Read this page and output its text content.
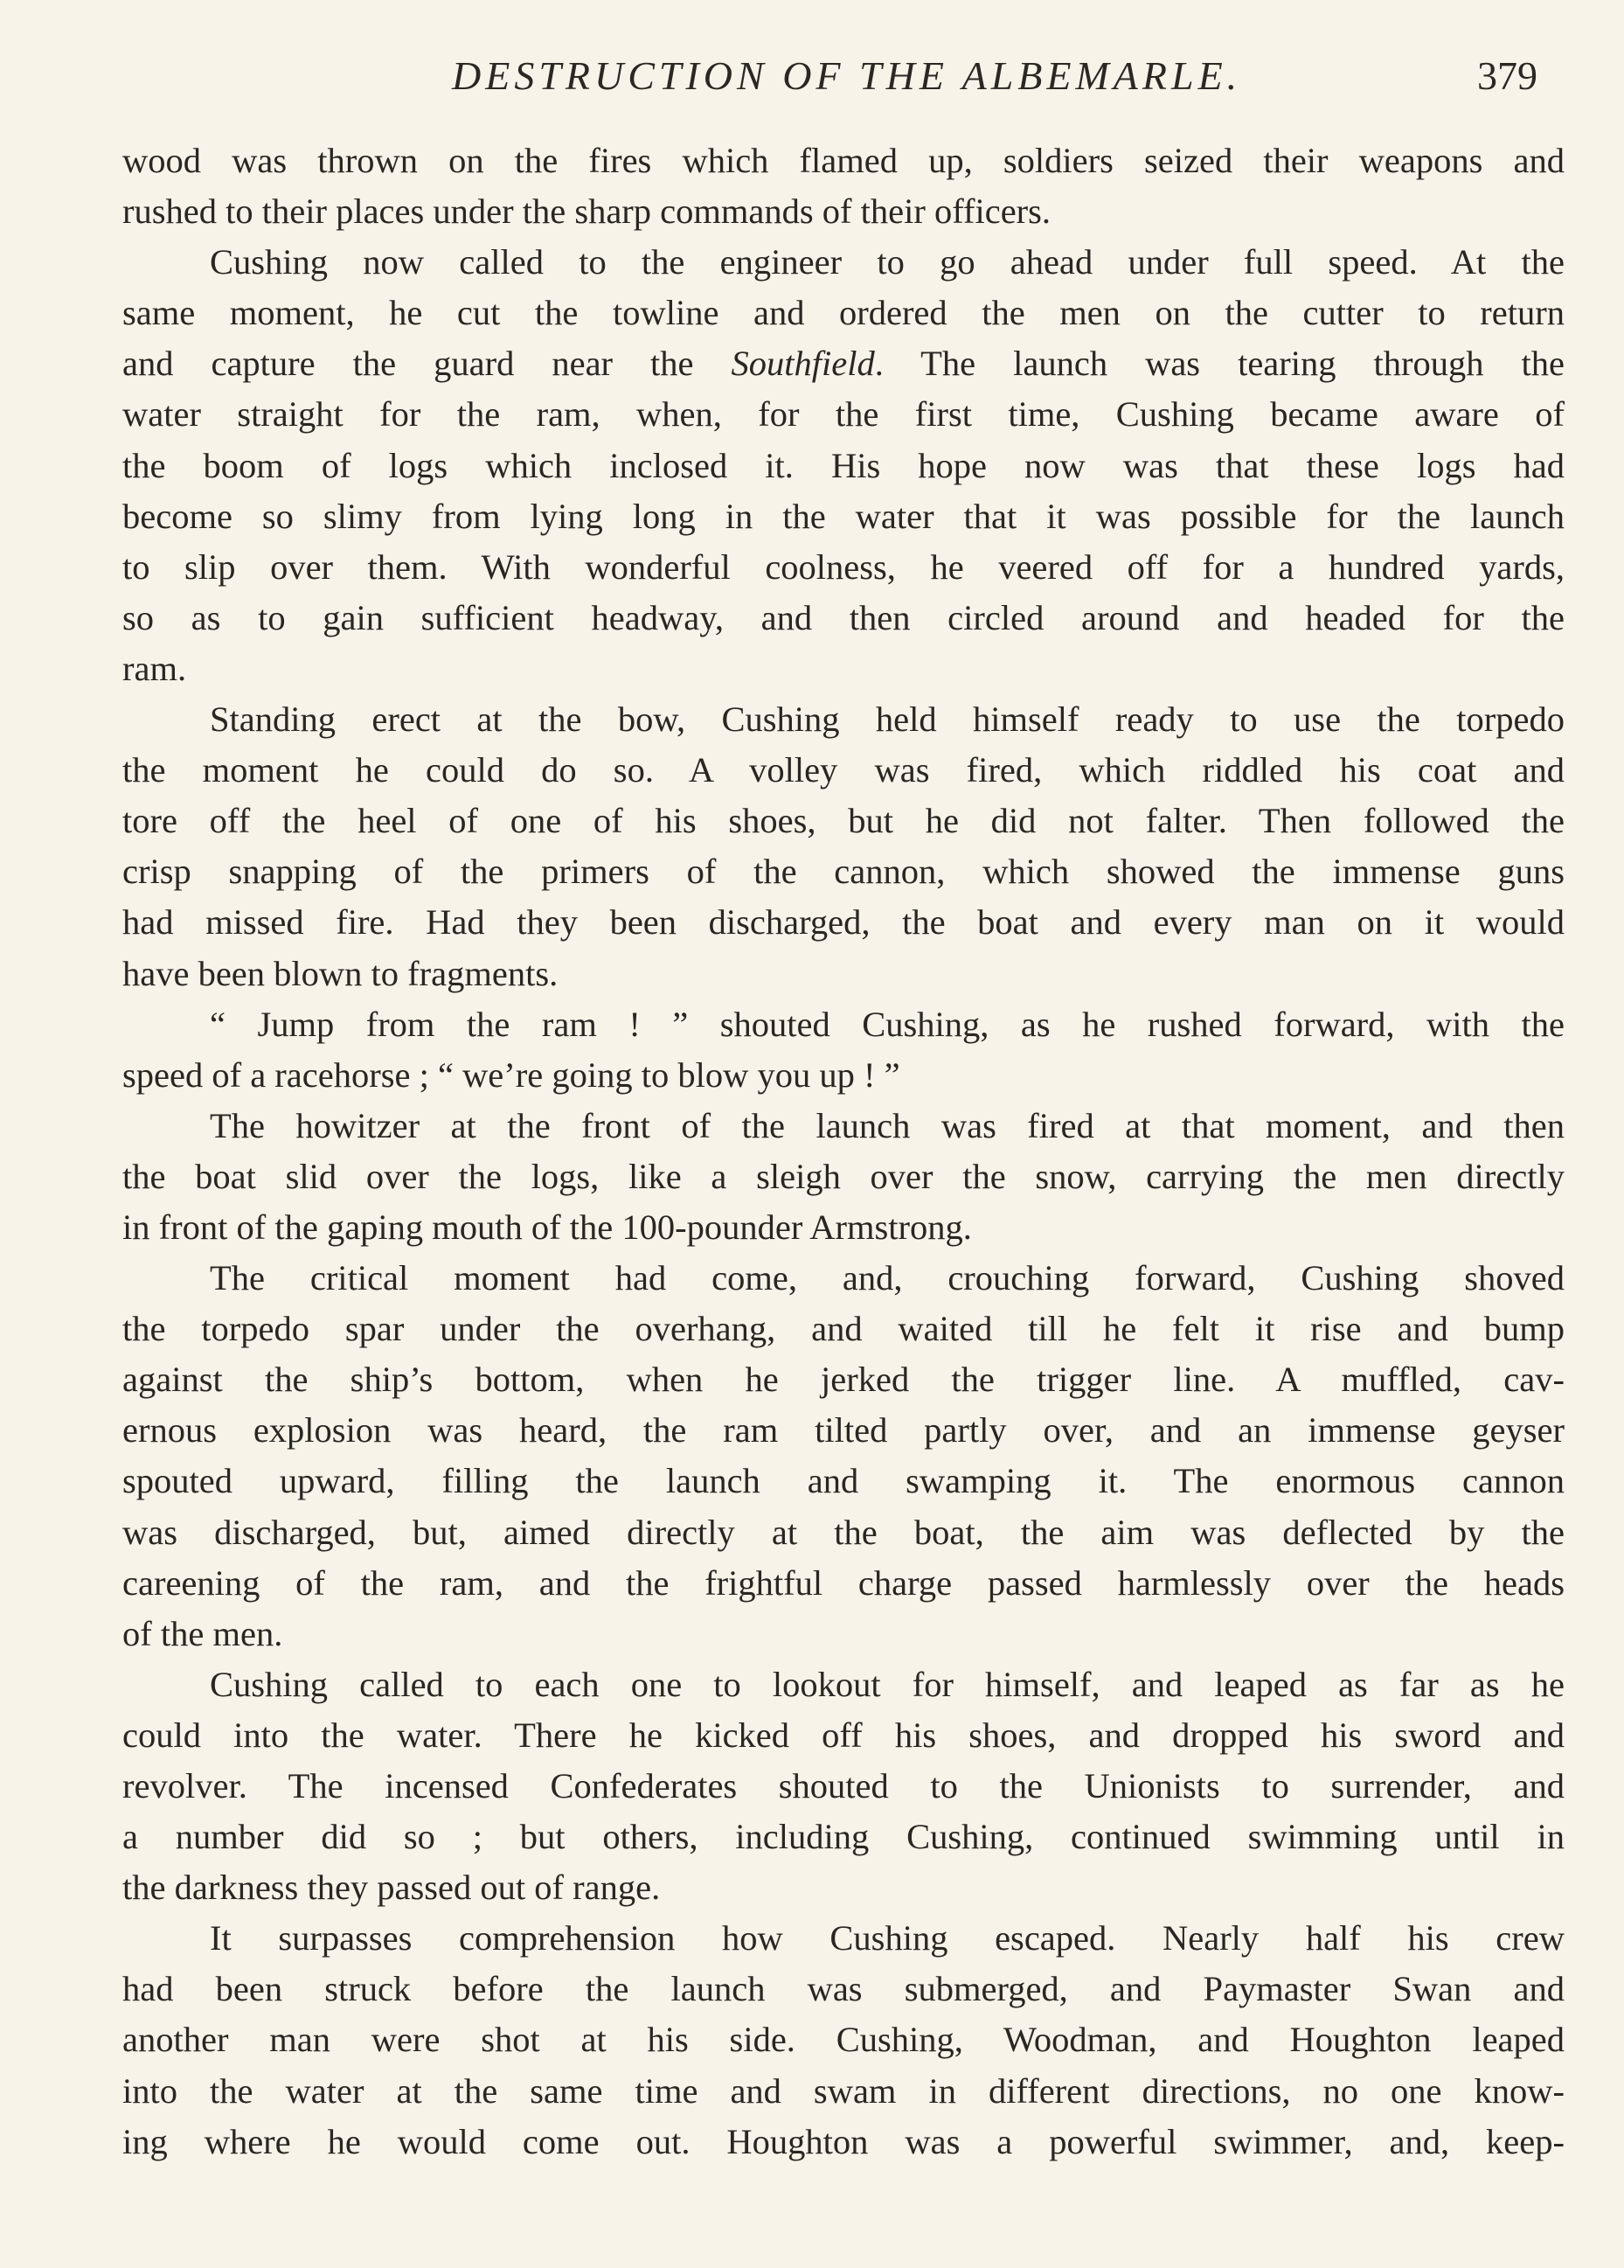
DESTRUCTION OF THE ALBEMARLE.	379
wood was thrown on the fires which flamed up, soldiers seized their weapons and
rushed to their places under the sharp commands of their officers.
Cushing now called to the engineer to go ahead under full speed. At the
same moment, he cut the towline and ordered the men on the cutter to return
and capture the guard near the Southfield. The launch was tearing through the
water straight for the ram, when, for the first time, Cushing became aware of
the boom of logs which inclosed it. His hope now was that these logs had
become so slimy from lying long in the water that it was possible for the launch
to slip over them. With wonderful coolness, he veered off for a hundred yards,
so as to gain sufficient headway, and then circled around and headed for the
ram.
Standing erect at the bow, Cushing held himself ready to use the torpedo
the moment he could do so. A volley was fired, which riddled his coat and
tore off the heel of one of his shoes, but he did not falter. Then followed the
crisp snapping of the primers of the cannon, which showed the immense guns
had missed fire. Had they been discharged, the boat and every man on it would
have been blown to fragments.
“ Jump from the ram ! ” shouted Cushing, as he rushed forward, with the
speed of a racehorse ; “ we’re going to blow you up ! ”
The howitzer at the front of the launch was fired at that moment, and then
the boat slid over the logs, like a sleigh over the snow, carrying the men directly
in front of the gaping mouth of the 100-pounder Armstrong.
The critical moment had come, and, crouching forward, Cushing shoved
the torpedo spar under the overhang, and waited till he felt it rise and bump
against the ship’s bottom, when he jerked the trigger line. A muffled, cav-
ernous explosion was heard, the ram tilted partly over, and an immense geyser
spouted upward, filling the launch and swamping it. The enormous cannon
was discharged, but, aimed directly at the boat, the aim was deflected by the
careening of the ram, and the frightful charge passed harmlessly over the heads
of the men.
Cushing called to each one to lookout for himself, and leaped as far as he
could into the water. There he kicked off his shoes, and dropped his sword and
revolver. The incensed Confederates shouted to the Unionists to surrender, and
a number did so ; but others, including Cushing, continued swimming until in
the darkness they passed out of range.
It surpasses comprehension how Cushing escaped. Nearly half his crew
had been struck before the launch was submerged, and Paymaster Swan and
another man were shot at his side. Cushing, Woodman, and Houghton leaped
into the water at the same time and swam in different directions, no one know-
ing where he would come out. Houghton was a powerful swimmer, and, keep-
